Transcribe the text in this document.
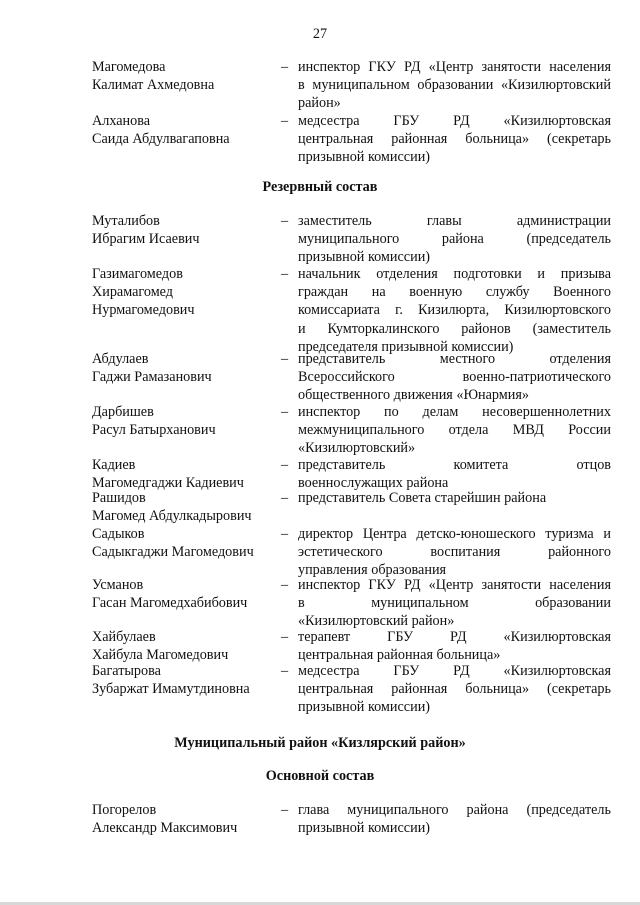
27
Резервный состав
Муниципальный район «Кизлярский район»
Основной состав
Магомедова
Калимат Ахмедовна
– инспектор ГКУ РД «Центр занятости населения
в муниципальном образовании «Кизилюртовский
район»
Алханова
Саида Абдулвагаповна
– медсестра ГБУ РД «Кизилюртовская
центральная районная больница» (секретарь
призывной комиссии)
Муталибов
Ибрагим Исаевич
– заместитель главы администрации
муниципального района (председатель
призывной комиссии)
Газимагомедов
Хирамагомед
Нурмагомедович
– начальник отделения подготовки и призыва
граждан на военную службу Военного
комиссариата г. Кизилюрта, Кизилюртовского
и Кумторкалинского районов (заместитель
председателя призывной комиссии)
Абдулаев
Гаджи Рамазанович
– представитель местного отделения
Всероссийского военно-патриотического
общественного движения «Юнармия»
Дарбишев
Расул Батырханович
– инспектор по делам несовершеннолетних
межмуниципального отдела МВД России
«Кизилюртовский»
Кадиев
Магомедгаджи Кадиевич
– представитель комитета отцов
военнослужащих района
Рашидов
Магомед Абдулкадырович
– представитель Совета старейшин района
Садыков
Садыкгаджи Магомедович
– директор Центра детско-юношеского туризма и
эстетического воспитания районного
управления образования
Усманов
Гасан Магомедхабибович
– инспектор ГКУ РД «Центр занятости населения
в муниципальном образовании
«Кизилюртовский район»
Хайбулаев
Хайбула Магомедович
– терапевт ГБУ РД «Кизилюртовская
центральная районная больница»
Багатырова
Зубаржат Имамутдиновна
– медсестра ГБУ РД «Кизилюртовская
центральная районная больница» (секретарь
призывной комиссии)
Погорелов
Александр Максимович
– глава муниципального района (председатель
призывной комиссии)
